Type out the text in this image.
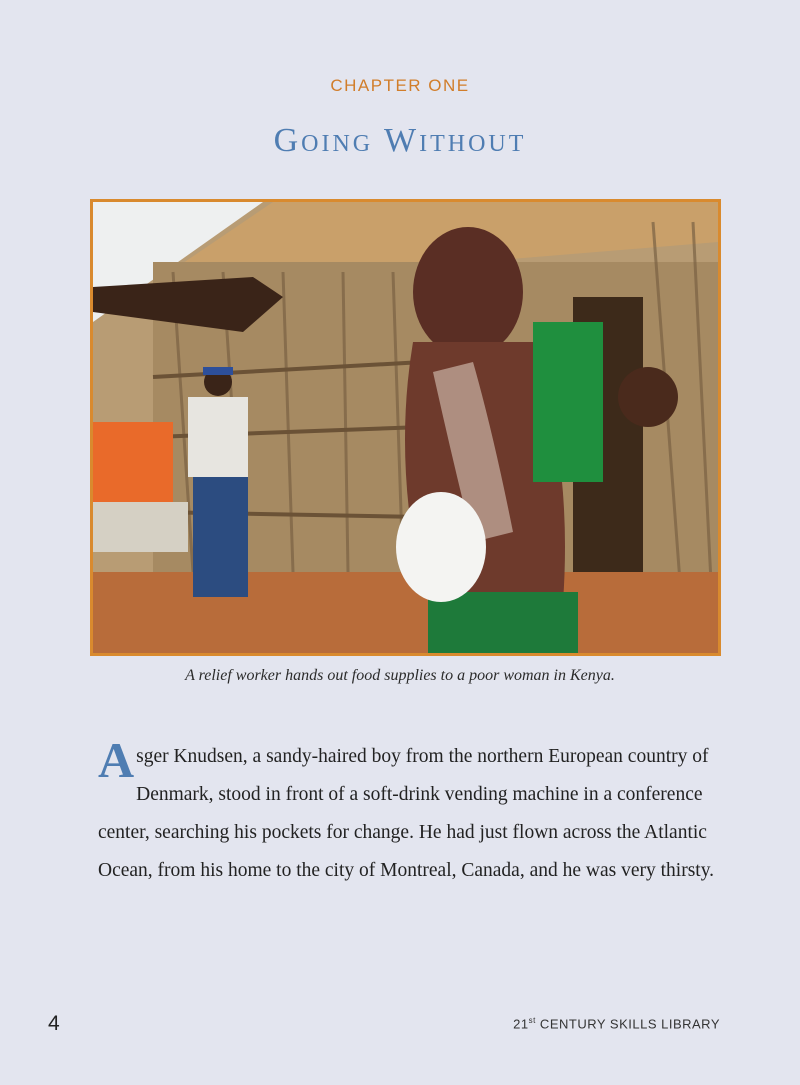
CHAPTER ONE
Going Without
A relief worker hands out food supplies to a poor woman in Kenya.
Asger Knudsen, a sandy-haired boy from the northern European country of Denmark, stood in front of a soft-drink vending machine in a conference center, searching his pockets for change. He had just flown across the Atlantic Ocean, from his home to the city of Montreal, Canada, and he was very thirsty.
4	21st CENTURY SKILLS LIBRARY
